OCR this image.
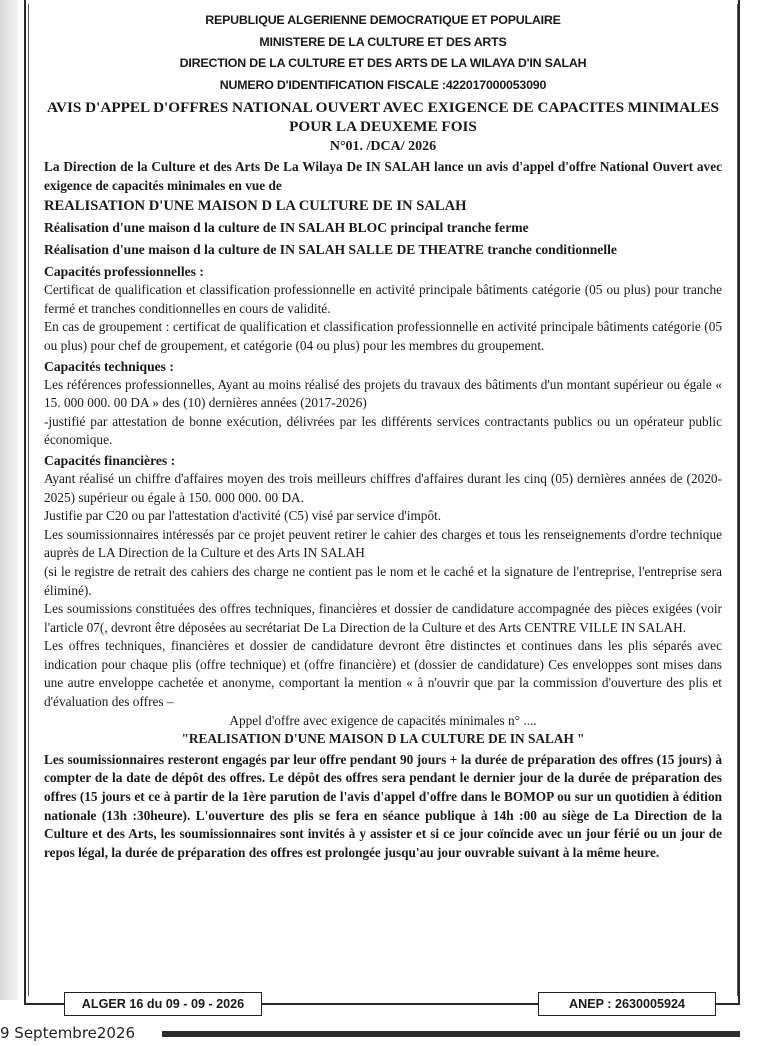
REPUBLIQUE ALGERIENNE DEMOCRATIQUE ET POPULAIRE
MINISTERE DE LA CULTURE ET DES ARTS
DIRECTION DE LA CULTURE ET DES ARTS DE LA WILAYA D'IN SALAH
NUMERO D'IDENTIFICATION FISCALE :422017000053090
AVIS D'APPEL D'OFFRES NATIONAL OUVERT AVEC EXIGENCE DE CAPACITES MINIMALES
POUR LA DEUXEME FOIS
N°01. /DCA/ 2026

La Direction de la Culture et des Arts De La Wilaya De IN SALAH lance un avis d'appel d'offre National Ouvert avec exigence de capacités minimales en vue de

REALISATION D'UNE MAISON D LA CULTURE DE IN SALAH

Réalisation d'une maison d la culture de IN SALAH BLOC principal tranche ferme

Réalisation d'une maison d la culture de IN SALAH SALLE DE THEATRE tranche conditionnelle

Capacités professionnelles :

Certificat de qualification et classification professionnelle en activité principale bâtiments catégorie (05 ou plus) pour tranche fermé et tranches conditionnelles en cours de validité.

En cas de groupement : certificat de qualification et classification professionnelle en activité principale bâtiments catégorie (05 ou plus) pour chef de groupement, et catégorie (04 ou plus) pour les membres du groupement.

Capacités techniques :

Les références professionnelles, Ayant au moins réalisé des projets du travaux des bâtiments d'un montant supérieur ou égale « 15. 000 000. 00 DA » des (10) dernières années (2017-2026)

-justifié par attestation de bonne exécution, délivrées par les différents services contractants publics ou un opérateur public économique.

Capacités financières :

Ayant réalisé un chiffre d'affaires moyen des trois meilleurs chiffres d'affaires durant les cinq (05) dernières années de (2020-2025) supérieur ou égale à 150. 000 000. 00 DA.

Justifie par C20 ou par l'attestation d'activité (C5) visé par service d'impôt.

Les soumissionnaires intéressés par ce projet peuvent retirer le cahier des charges et tous les renseignements d'ordre technique auprès de LA Direction de la Culture et des Arts IN SALAH

(si le registre de retrait des cahiers des charge ne contient pas le nom et le caché et la signature de l'entreprise, l'entreprise sera éliminé).

Les soumissions constituées des offres techniques, financières et dossier de candidature accompagnée des pièces exigées (voir l'article 07(, devront être déposées au secrétariat De La Direction de la Culture et des Arts CENTRE VILLE IN SALAH.

Les offres techniques, financières et dossier de candidature devront être distinctes et continues dans les plis séparés avec indication pour chaque plis (offre technique) et (offre financière) et (dossier de candidature) Ces enveloppes sont mises dans une autre enveloppe cachetée et anonyme, comportant la mention « à n'ouvrir que par la commission d'ouverture des plis et d'évaluation des offres –

Appel d'offre avec exigence de capacités minimales n° ....

"REALISATION D'UNE MAISON D LA CULTURE DE IN SALAH "

Les soumissionnaires resteront engagés par leur offre pendant 90 jours + la durée de préparation des offres (15 jours) à compter de la date de dépôt des offres. Le dépôt des offres sera pendant le dernier jour de la durée de préparation des offres (15 jours et ce à partir de la 1ère parution de l'avis d'appel d'offre dans le BOMOP ou sur un quotidien à édition nationale (13h :30heure). L'ouverture des plis se fera en séance publique à 14h :00 au siège de La Direction de la Culture et des Arts, les soumissionnaires sont invités à y assister et si ce jour coïncide avec un jour férié ou un jour de repos légal, la durée de préparation des offres est prolongée jusqu'au jour ouvrable suivant à la même heure.

ALGER 16 du 09 - 09 - 2026	ANEP : 2630005924
9 Septembre2026
